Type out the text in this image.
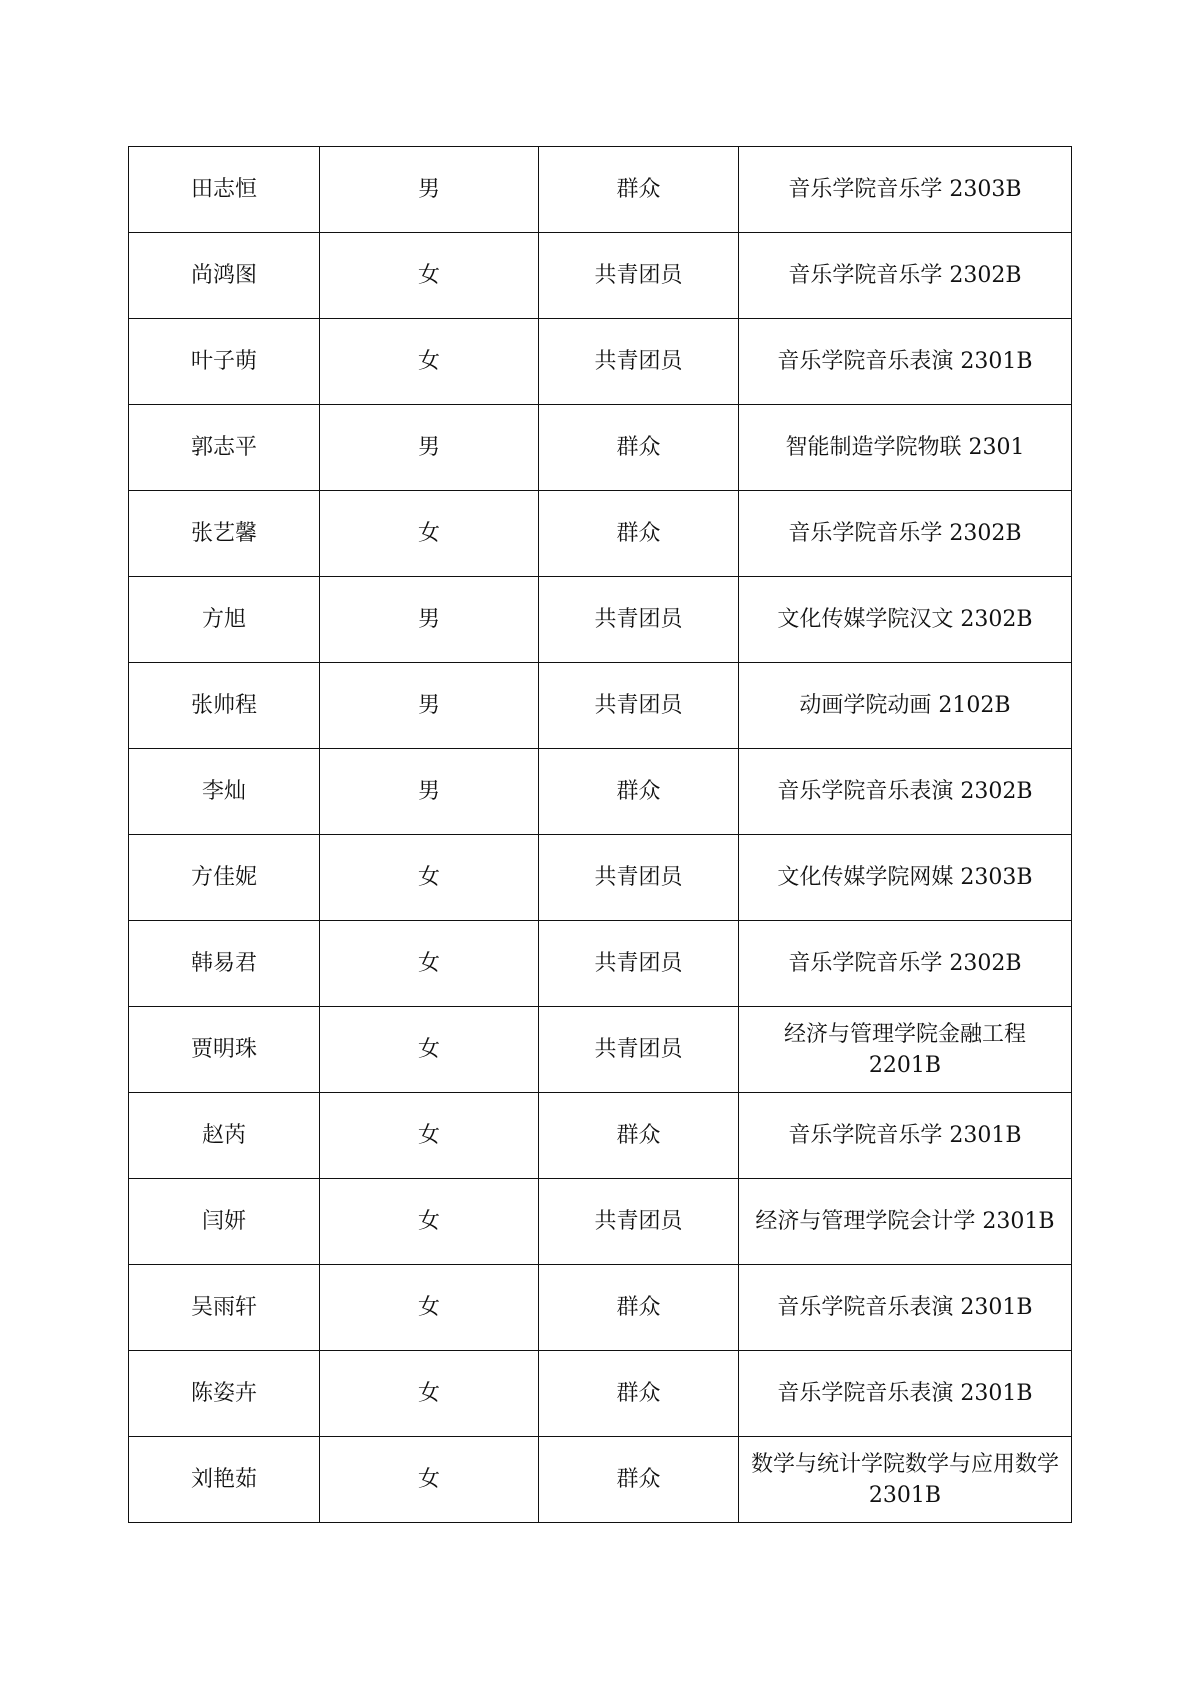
田志恒	男	群众	音乐学院音乐学 2303B
尚鸿图	女	共青团员	音乐学院音乐学 2302B
叶子萌	女	共青团员	音乐学院音乐表演 2301B
郭志平	男	群众	智能制造学院物联 2301
张艺馨	女	群众	音乐学院音乐学 2302B
方旭	男	共青团员	文化传媒学院汉文 2302B
张帅程	男	共青团员	动画学院动画 2102B
李灿	男	群众	音乐学院音乐表演 2302B
方佳妮	女	共青团员	文化传媒学院网媒 2303B
韩易君	女	共青团员	音乐学院音乐学 2302B
贾明珠	女	共青团员	经济与管理学院金融工程 2201B
赵芮	女	群众	音乐学院音乐学 2301B
闫妍	女	共青团员	经济与管理学院会计学 2301B
吴雨轩	女	群众	音乐学院音乐表演 2301B
陈姿卉	女	群众	音乐学院音乐表演 2301B
刘艳茹	女	群众	数学与统计学院数学与应用数学 2301B
